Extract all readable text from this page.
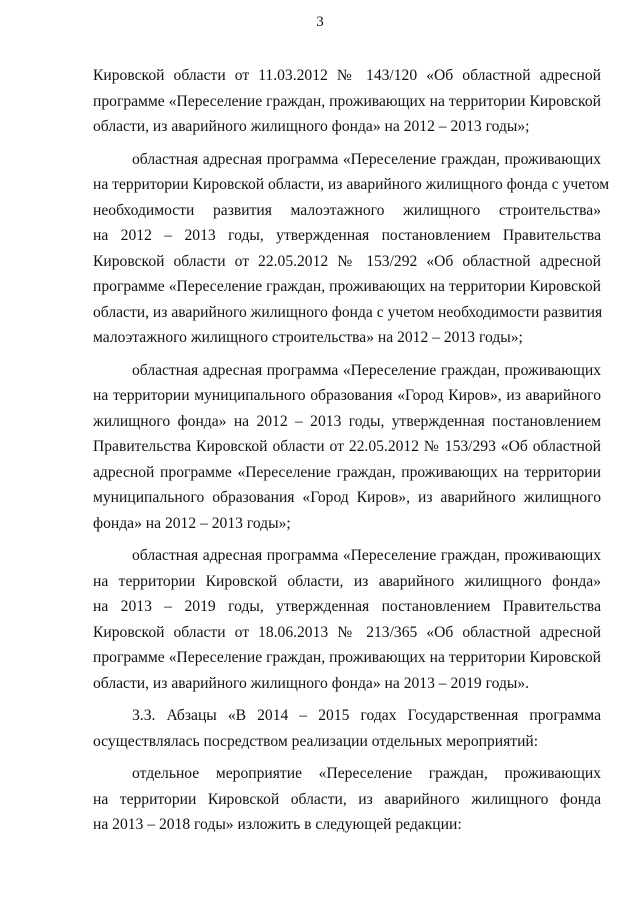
3
Кировской области от 11.03.2012 № 143/120 «Об областной адресной
программе «Переселение граждан, проживающих на территории Кировской
области, из аварийного жилищного фонда» на 2012 – 2013 годы»;
областная адресная программа «Переселение граждан, проживающих
на территории Кировской области, из аварийного жилищного фонда с учетом
необходимости развития малоэтажного жилищного строительства»
на 2012 – 2013 годы, утвержденная постановлением Правительства
Кировской области от 22.05.2012 № 153/292 «Об областной адресной
программе «Переселение граждан, проживающих на территории Кировской
области, из аварийного жилищного фонда с учетом необходимости развития
малоэтажного жилищного строительства» на 2012 – 2013 годы»;
областная адресная программа «Переселение граждан, проживающих
на территории муниципального образования «Город Киров», из аварийного
жилищного фонда» на 2012 – 2013 годы, утвержденная постановлением
Правительства Кировской области от 22.05.2012 № 153/293 «Об областной
адресной программе «Переселение граждан, проживающих на территории
муниципального образования «Город Киров», из аварийного жилищного
фонда» на 2012 – 2013 годы»;
областная адресная программа «Переселение граждан, проживающих
на территории Кировской области, из аварийного жилищного фонда»
на 2013 – 2019 годы, утвержденная постановлением Правительства
Кировской области от 18.06.2013 № 213/365 «Об областной адресной
программе «Переселение граждан, проживающих на территории Кировской
области, из аварийного жилищного фонда» на 2013 – 2019 годы».
3.3. Абзацы «В 2014 – 2015 годах Государственная программа
осуществлялась посредством реализации отдельных мероприятий:
отдельное мероприятие «Переселение граждан, проживающих
на территории Кировской области, из аварийного жилищного фонда
на 2013 – 2018 годы» изложить в следующей редакции:
